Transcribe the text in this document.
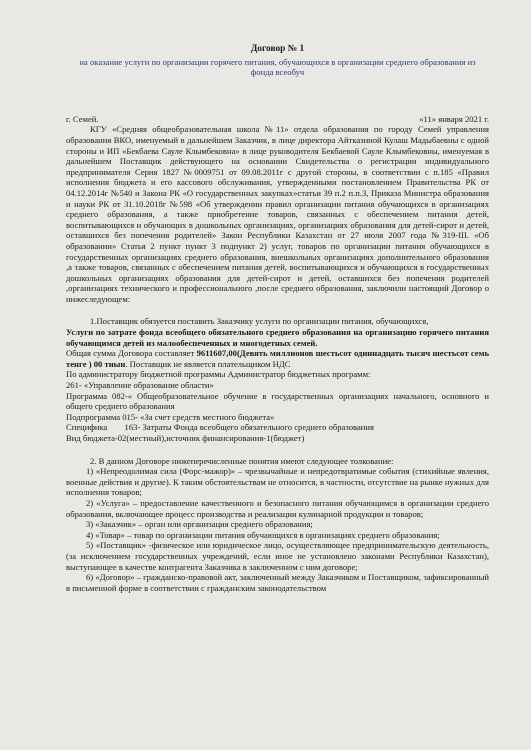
Договор № 1
на оказание услуги по организации горячего питания, обучающихся в организации среднего образования из фонда всеобуч
г. Семей.	«11» января 2021 г.

КГУ «Средняя общеобразовательная школа №11» отдела образования по городу Семей управления образования ВКО, именуемый в дальнейшем Заказчик, в лице директора Айтказиной Кулаш Мадыбаевны с одной стороны и ИП «Бекбаева Сауле Клымбековна» в лице руководителя Бекбаевой Сауле Клымбековны, именуемая в дальнейшем Поставщик действующего на основании Свидетельства о регистрации индивидуального предпринимателя Серия 1827 №0009751 от 09.08.2011г с другой стороны, в соответствии с п.185 «Правил исполнения бюджета и его кассового обслуживания, утвержденными постановлением Правительства РК от 04.12.2014г №540 и Закона РК «О государственных закупках»статьи 39 п.2 п.п.3, Приказа Министра образования и науки РК от 31.10.2018г №598 «Об утверждении правил организации питания обучающихся в организациях среднего образования, а также приобретение товаров, связанных с обеспечением питания детей, воспитывающихся и обучающих в дошкольных организациях, организациях образования для детей-сирот и детей, оставшихся без попечения родителей» Закон Республики Казахстан от 27 июля 2007 года №319-III. «Об образовании» Статья 2 пункт пункт 3 подпункт 2) услуг, товаров по организации питания обучающихся в государственных организациях среднего образования, внешкольных организациях дополнительного образования ,а также товаров, связанных с обеспечением питания детей, воспитывающихся и обучающихся в государственных дошкольных организациях образования для детей-сирот и детей, оставшихся без попечения родителей ,организациях технического и профессионального ,после среднего образования, заключили настоящий Договор о нижеследующем:

1.Поставщик обязуется поставить Заказчику услуги по организации питания, обучающихся,

Услуги по затрате фонда всеобщего обязательного среднего образования на организацию горячего питания обучающимся детей из малообеспеченных и многодетных семей.

Общая сумма Договора составляет 9611607,00(Девять миллионов шестьсот одиннадцать тысяч шестьсот семь тенге ) 00 тиын. Поставщик не является плательщиком НДС

По администратору бюджетной программы Администратор бюджетных программ:

261- «Управление образование области»

Программа 082-« Общеобразовательное обучение в государственных организациях начального, основного и общего среднего образования

Подпрограмма 015- «За счет средств местного бюджета»

Специфика        163- Затраты Фонда всеобщего обязательного среднего образования

Вид бюджета-02(местный),источник финансирования-1(бюджет)

2. В данном Договоре нижеперечисленные понятия имеют следующее толкование:

1) «Непреодолимая сила (Форс-мажор)» – чрезвычайные и непредотвратимые события (стихийные явления, военные действия и другие). К таким обстоятельствам не относится, в частности, отсутствие на рынке нужных для исполнения товаров;

2) «Услуга» – предоставление качественного и безопасного питания обучающимся в организации среднего образования, включающее процесс производства и реализации кулинарной продукции и товаров;

3) «Заказчик» – орган или организация среднего образования;

4) «Товар» – товар по организации питания обучающихся в организациях среднего образования;

5) «Поставщик» -физическое или юридическое лицо, осуществляющее предпринимательскую деятельность, (за исключением государственных учреждений, если иное не установлено законами Республики Казахстан), выступающее в качестве контрагента Заказчика в заключенном с ним договоре;

6) «Договор» – гражданско-правовой акт, заключенный между Заказчиком и Поставщиком, зафиксированный в письменной форме в соответствии с гражданским законодательством
